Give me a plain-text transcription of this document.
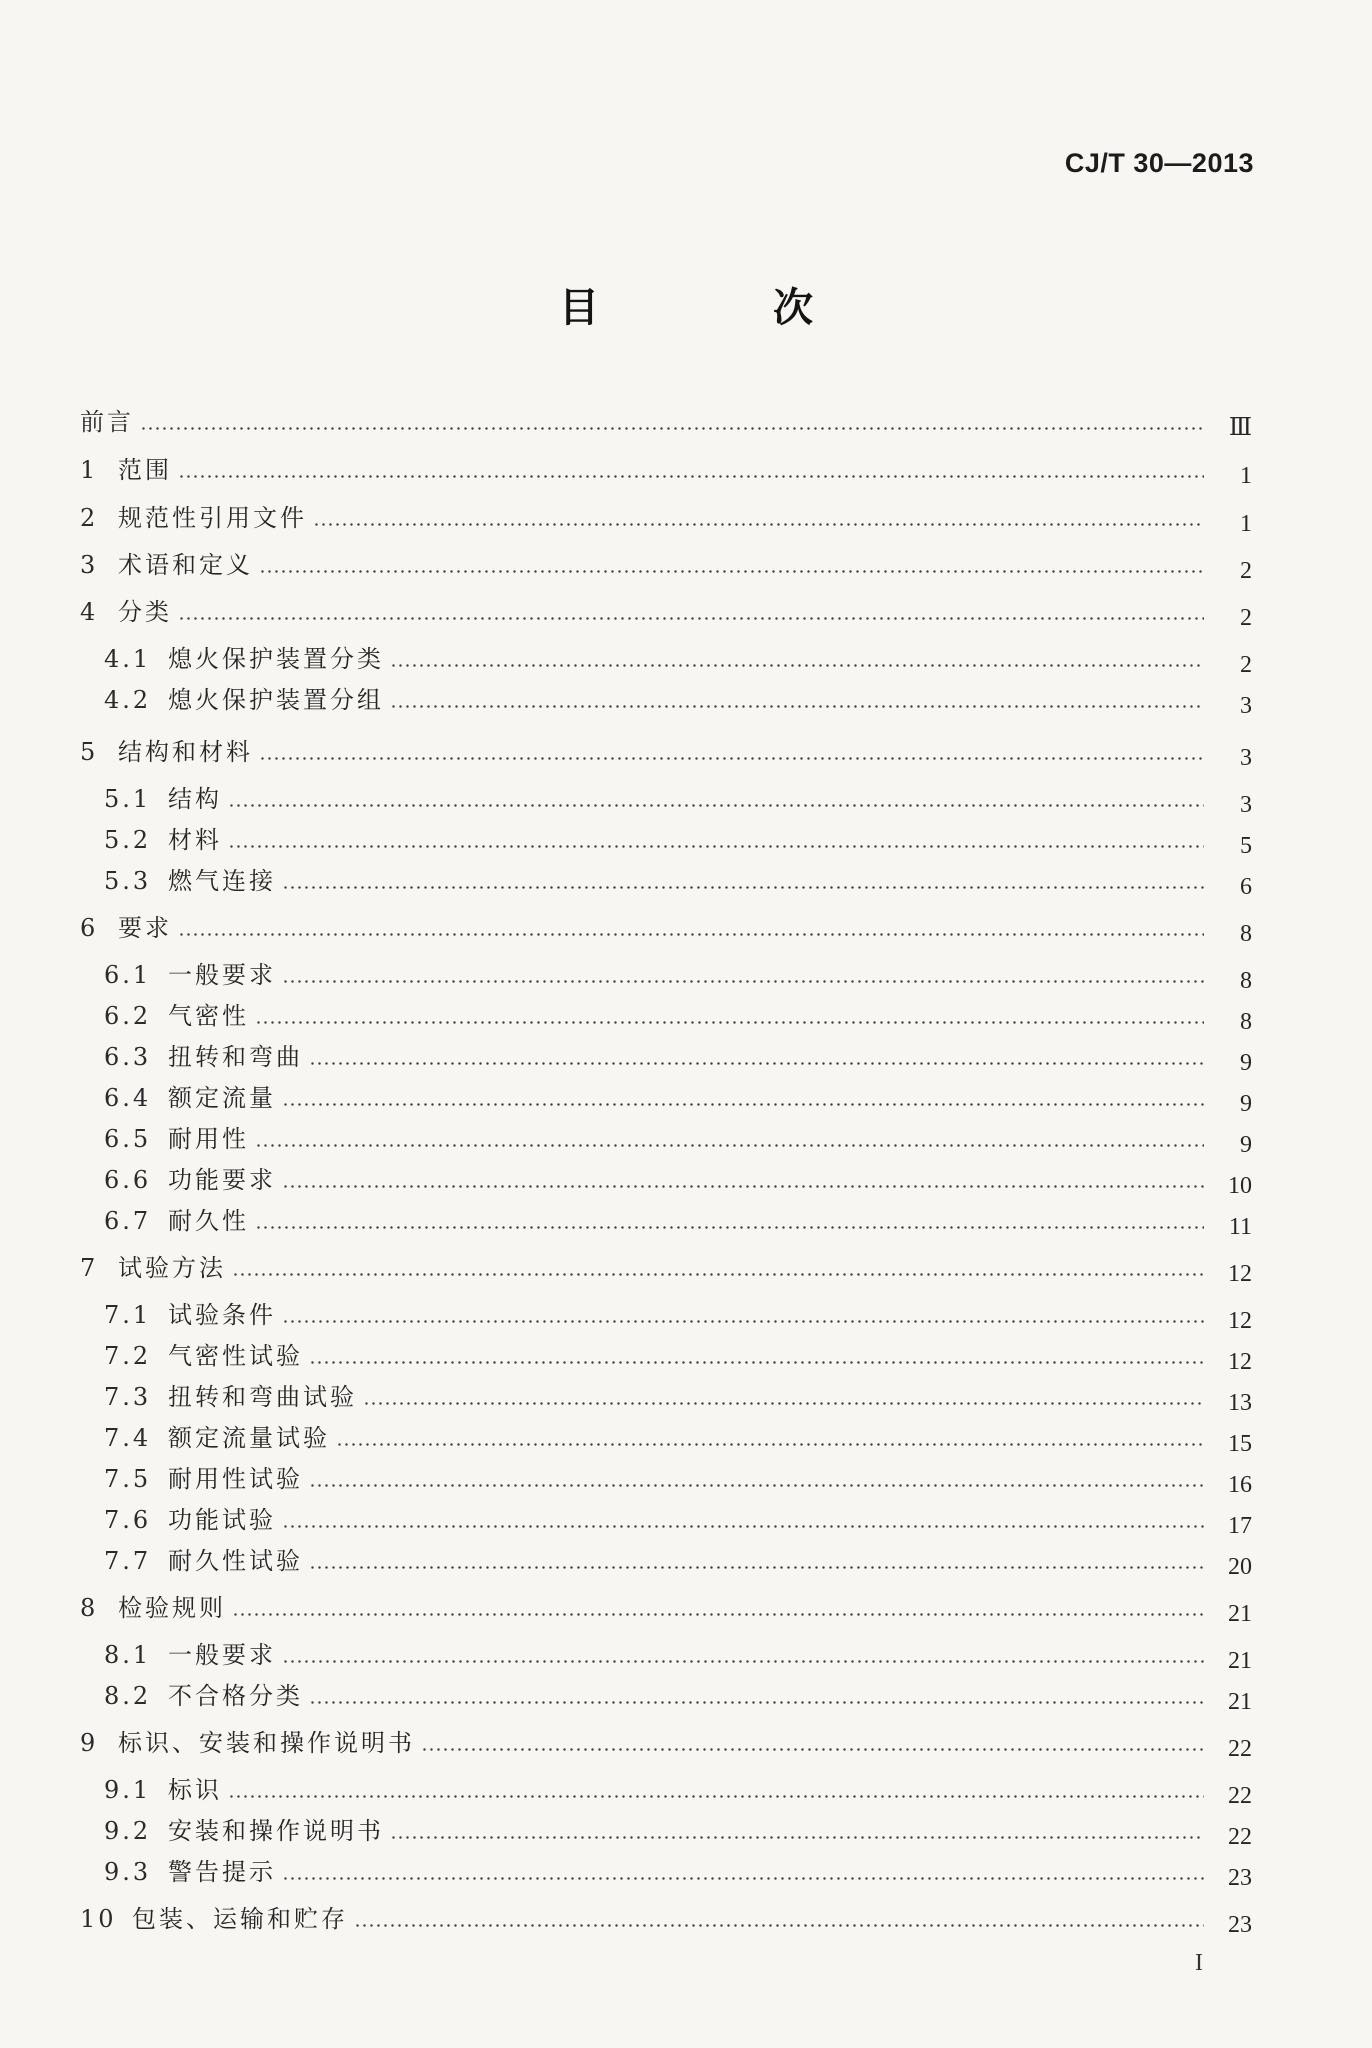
CJ/T 30—2013
目 次
前言	Ⅲ
1 范围	1
2 规范性引用文件	1
3 术语和定义	2
4 分类	2
4.1 熄火保护装置分类	2
4.2 熄火保护装置分组	3
5 结构和材料	3
5.1 结构	3
5.2 材料	5
5.3 燃气连接	6
6 要求	8
6.1 一般要求	8
6.2 气密性	8
6.3 扭转和弯曲	9
6.4 额定流量	9
6.5 耐用性	9
6.6 功能要求	10
6.7 耐久性	11
7 试验方法	12
7.1 试验条件	12
7.2 气密性试验	12
7.3 扭转和弯曲试验	13
7.4 额定流量试验	15
7.5 耐用性试验	16
7.6 功能试验	17
7.7 耐久性试验	20
8 检验规则	21
8.1 一般要求	21
8.2 不合格分类	21
9 标识、安装和操作说明书	22
9.1 标识	22
9.2 安装和操作说明书	22
9.3 警告提示	23
10 包装、运输和贮存	23
I
